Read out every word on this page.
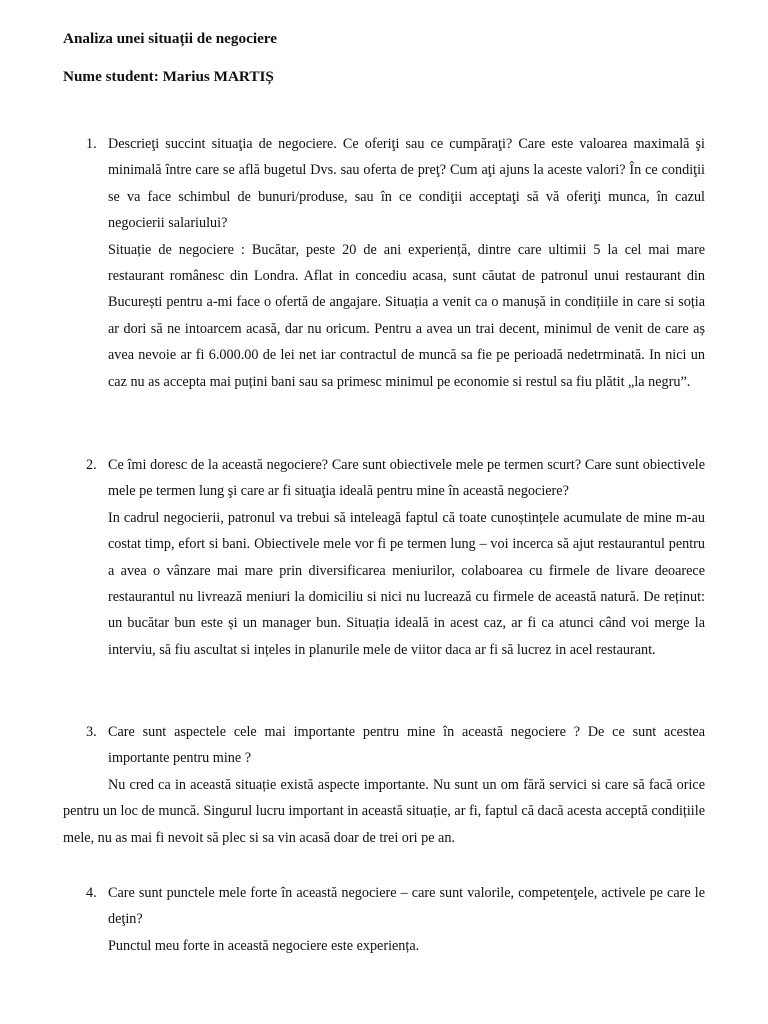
Analiza unei situații de negociere
Nume student: Marius MARTIȘ
1. Descrieţi succint situaţia de negociere. Ce oferiţi sau ce cumpăraţi? Care este valoarea maximală şi minimală între care se află bugetul Dvs. sau oferta de preţ? Cum aţi ajuns la aceste valori? În ce condiţii se va face schimbul de bunuri/produse, sau în ce condiţii acceptaţi să vă oferiţi munca, în cazul negocierii salariului?

Situație de negociere : Bucătar, peste 20 de ani experiență, dintre care ultimii 5 la cel mai mare restaurant românesc din Londra. Aflat in concediu acasa, sunt căutat de patronul unui restaurant din București pentru a-mi face o ofertă de angajare. Situația a venit ca o manușă in condițiile in care si soția ar dori să ne intoarcem acasă, dar nu oricum. Pentru a avea un trai decent, minimul de venit de care aș avea nevoie ar fi 6.000.00 de lei net iar contractul de muncă sa fie pe perioadă nedetrminată. In nici un caz nu as accepta mai puțini bani sau sa primesc minimul pe economie si restul sa fiu plătit „la negru”.

2. Ce îmi doresc de la această negociere? Care sunt obiectivele mele pe termen scurt? Care sunt obiectivele mele pe termen lung şi care ar fi situaţia ideală pentru mine în această negociere?

In cadrul negocierii, patronul va trebui să inteleagă faptul că toate cunoștințele acumulate de mine m-au costat timp, efort si bani. Obiectivele mele vor fi pe termen lung – voi incerca să ajut restaurantul pentru a avea o vânzare mai mare prin diversificarea meniurilor, colaboarea cu firmele de livare deoarece restaurantul nu livrează meniuri la domiciliu si nici nu lucrează cu firmele de această natură. De reținut: un bucătar bun este și un manager bun. Situația ideală in acest caz, ar fi ca atunci când voi merge la interviu, să fiu ascultat si ințeles in planurile mele de viitor daca ar fi să lucrez in acel restaurant.

3. Care sunt aspectele cele mai importante pentru mine în această negociere ? De ce sunt acestea importante pentru mine ?

Nu cred ca in această situație există aspecte importante. Nu sunt un om fără servici si care să facă orice pentru un loc de muncă. Singurul lucru important in această situație, ar fi, faptul că dacă acesta acceptă condițiile mele, nu as mai fi nevoit să plec si sa vin acasă doar de trei ori pe an.

4. Care sunt punctele mele forte în această negociere – care sunt valorile, competenţele, activele pe care le deţin?

Punctul meu forte in această negociere este experiența.
